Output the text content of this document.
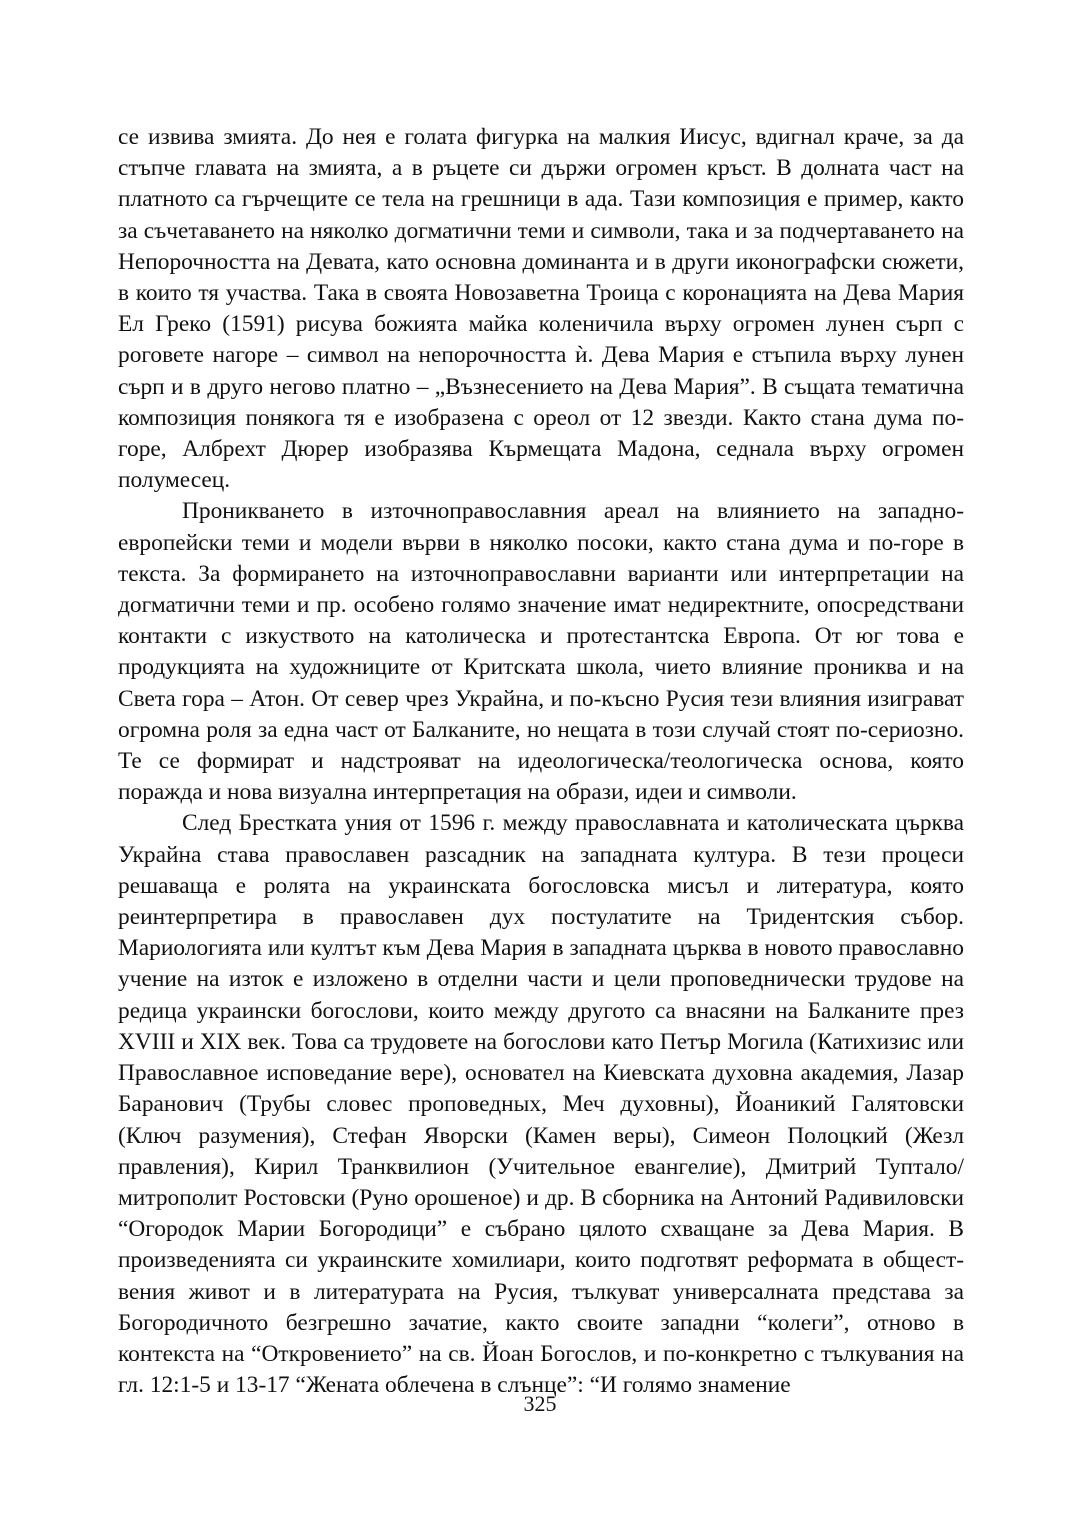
се извива змията. До нея е голата фигурка на малкия Иисус, вдигнал краче, за да стъпче главата на змията, а в ръцете си държи огромен кръст. В долната част на платното са гърчещите се тела на грешници в ада. Тази композиция е пример, както за съчетаването на няколко догматични теми и символи, така и за подчертаването на Непорочността на Девата, като основна доминанта и в други иконографски сюжети, в които тя участва. Така в своята Новозаветна Троица с коронацията на Дева Мария Ел Греко (1591) рисува божията майка коленичила върху огромен лунен сърп с роговете нагоре – символ на непорочността ѝ. Дева Мария е стъпила върху лунен сърп и в друго негово платно – „Възнесението на Дева Мария”. В същата тематична композиция понякога тя е изобразена с ореол от 12 звезди. Както стана дума по-горе, Албрехт Дюрер изобразява Кърмещата Мадона, седнала върху огромен полумесец.

Проникването в източноправославния ареал на влиянието на западноевропейски теми и модели върви в няколко посоки, както стана дума и по-горе в текста. За формирането на източноправославни варианти или интерпретации на догматични теми и пр. особено голямо значение имат недиректните, опосредствани контакти с изкуството на католическа и протестантска Европа. От юг това е продукцията на художниците от Критската школа, чието влияние прониква и на Света гора – Атон. От север чрез Украйна, и по-късно Русия тези влияния изиграват огромна роля за една част от Балканите, но нещата в този случай стоят по-сериозно. Те се формират и надстрояват на идеологическа/теологическа основа, която поражда и нова визуална интерпретация на образи, идеи и символи.

След Брестката уния от 1596 г. между православната и католическата църква Украйна става православен разсадник на западната култура. В тези процеси решаваща е ролята на украинската богословска мисъл и литература, която реинтерпретира в православен дух постулатите на Тридентския събор. Мариологията или култът към Дева Мария в западната църква в новото православно учение на изток е изложено в отделни части и цели проповеднически трудове на редица украински богослови, които между другото са внасяни на Балканите през XVIII и XIX век. Това са трудовете на богослови като Петър Могила (Катихизис или Православное исповедание вере), основател на Киевската духовна академия, Лазар Баранович (Трубы словес проповедных, Меч духовны), Йоаникий Галятовски (Ключ разумения), Стефан Яворски (Камен веры), Симеон Полоцкий (Жезл правления), Кирил Транквилион (Учительное евангелие), Дмитрий Туптало/митрополит Ростовски (Руно орошеное) и др. В сборника на Антоний Радивиловски “Огородок Марии Богородици” е събрано цялото схващане за Дева Мария. В произведенията си украинските хомилиари, които подготвят реформата в обществения живот и в литературата на Русия, тълкуват универсалната представа за Богородичното безгрешно зачатие, както своите западни “колеги”, отново в контекста на “Откровението” на св. Йоан Богослов, и по-конкретно с тълкувания на гл. 12:1-5 и 13-17 “Жената облечена в слънце”: “И голямо знамение

325
